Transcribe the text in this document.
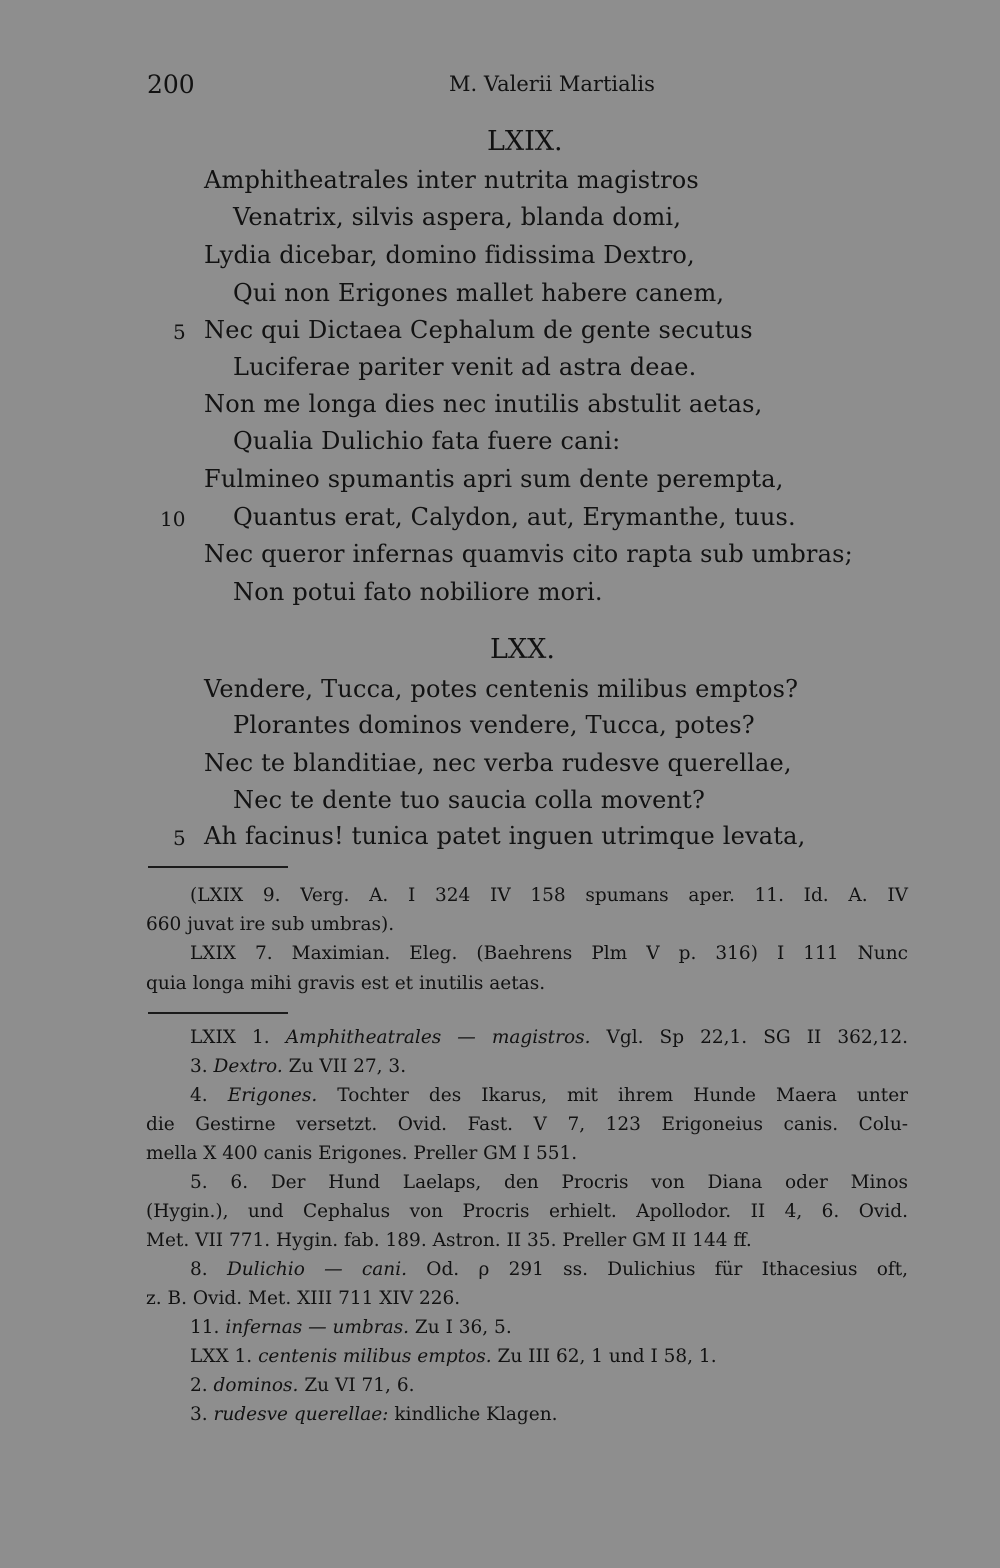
200	M. Valerii Martialis
LXIX.
Amphitheatrales inter nutrita magistros
Venatrix, silvis aspera, blanda domi,
Lydia dicebar, domino fidissima Dextro,
Qui non Erigones mallet habere canem,
5 Nec qui Dictaea Cephalum de gente secutus
Luciferae pariter venit ad astra deae.
Non me longa dies nec inutilis abstulit aetas,
Qualia Dulichio fata fuere cani:
Fulmineo spumantis apri sum dente perempta,
10 Quantus erat, Calydon, aut, Erymanthe, tuus.
Nec queror infernas quamvis cito rapta sub umbras;
Non potui fato nobiliore mori.
LXX.
Vendere, Tucca, potes centenis milibus emptos?
Plorantes dominos vendere, Tucca, potes?
Nec te blanditiae, nec verba rudesve querellae,
Nec te dente tuo saucia colla movent?
5 Ah facinus! tunica patet inguen utrimque levata,
(LXIX 9. Verg. A. I 324 IV 158 spumans aper. 11. Id. A. IV
660 juvat ire sub umbras).
LXIX 7. Maximian. Eleg. (Baehrens Plm V p. 316) I 111 Nunc
quia longa mihi gravis est et inutilis aetas.
LXIX 1. Amphitheatrales — magistros. Vgl. Sp 22,1. SG II 362,12.
3. Dextro. Zu VII 27, 3.
4. Erigones. Tochter des Ikarus, mit ihrem Hunde Maera unter
die Gestirne versetzt. Ovid. Fast. V 7, 123 Erigoneius canis. Colu-
mella X 400 canis Erigones. Preller GM I 551.
5. 6. Der Hund Laelaps, den Procris von Diana oder Minos
(Hygin.), und Cephalus von Procris erhielt. Apollodor. II 4, 6. Ovid.
Met. VII 771. Hygin. fab. 189. Astron. II 35. Preller GM II 144 ff.
8. Dulichio — cani. Od. ρ 291 ss. Dulichius für Ithacesius oft,
z. B. Ovid. Met. XIII 711 XIV 226.
11. infernas — umbras. Zu I 36, 5.
LXX 1. centenis milibus emptos. Zu III 62, 1 und I 58, 1.
2. dominos. Zu VI 71, 6.
3. rudesve querellae: kindliche Klagen.
